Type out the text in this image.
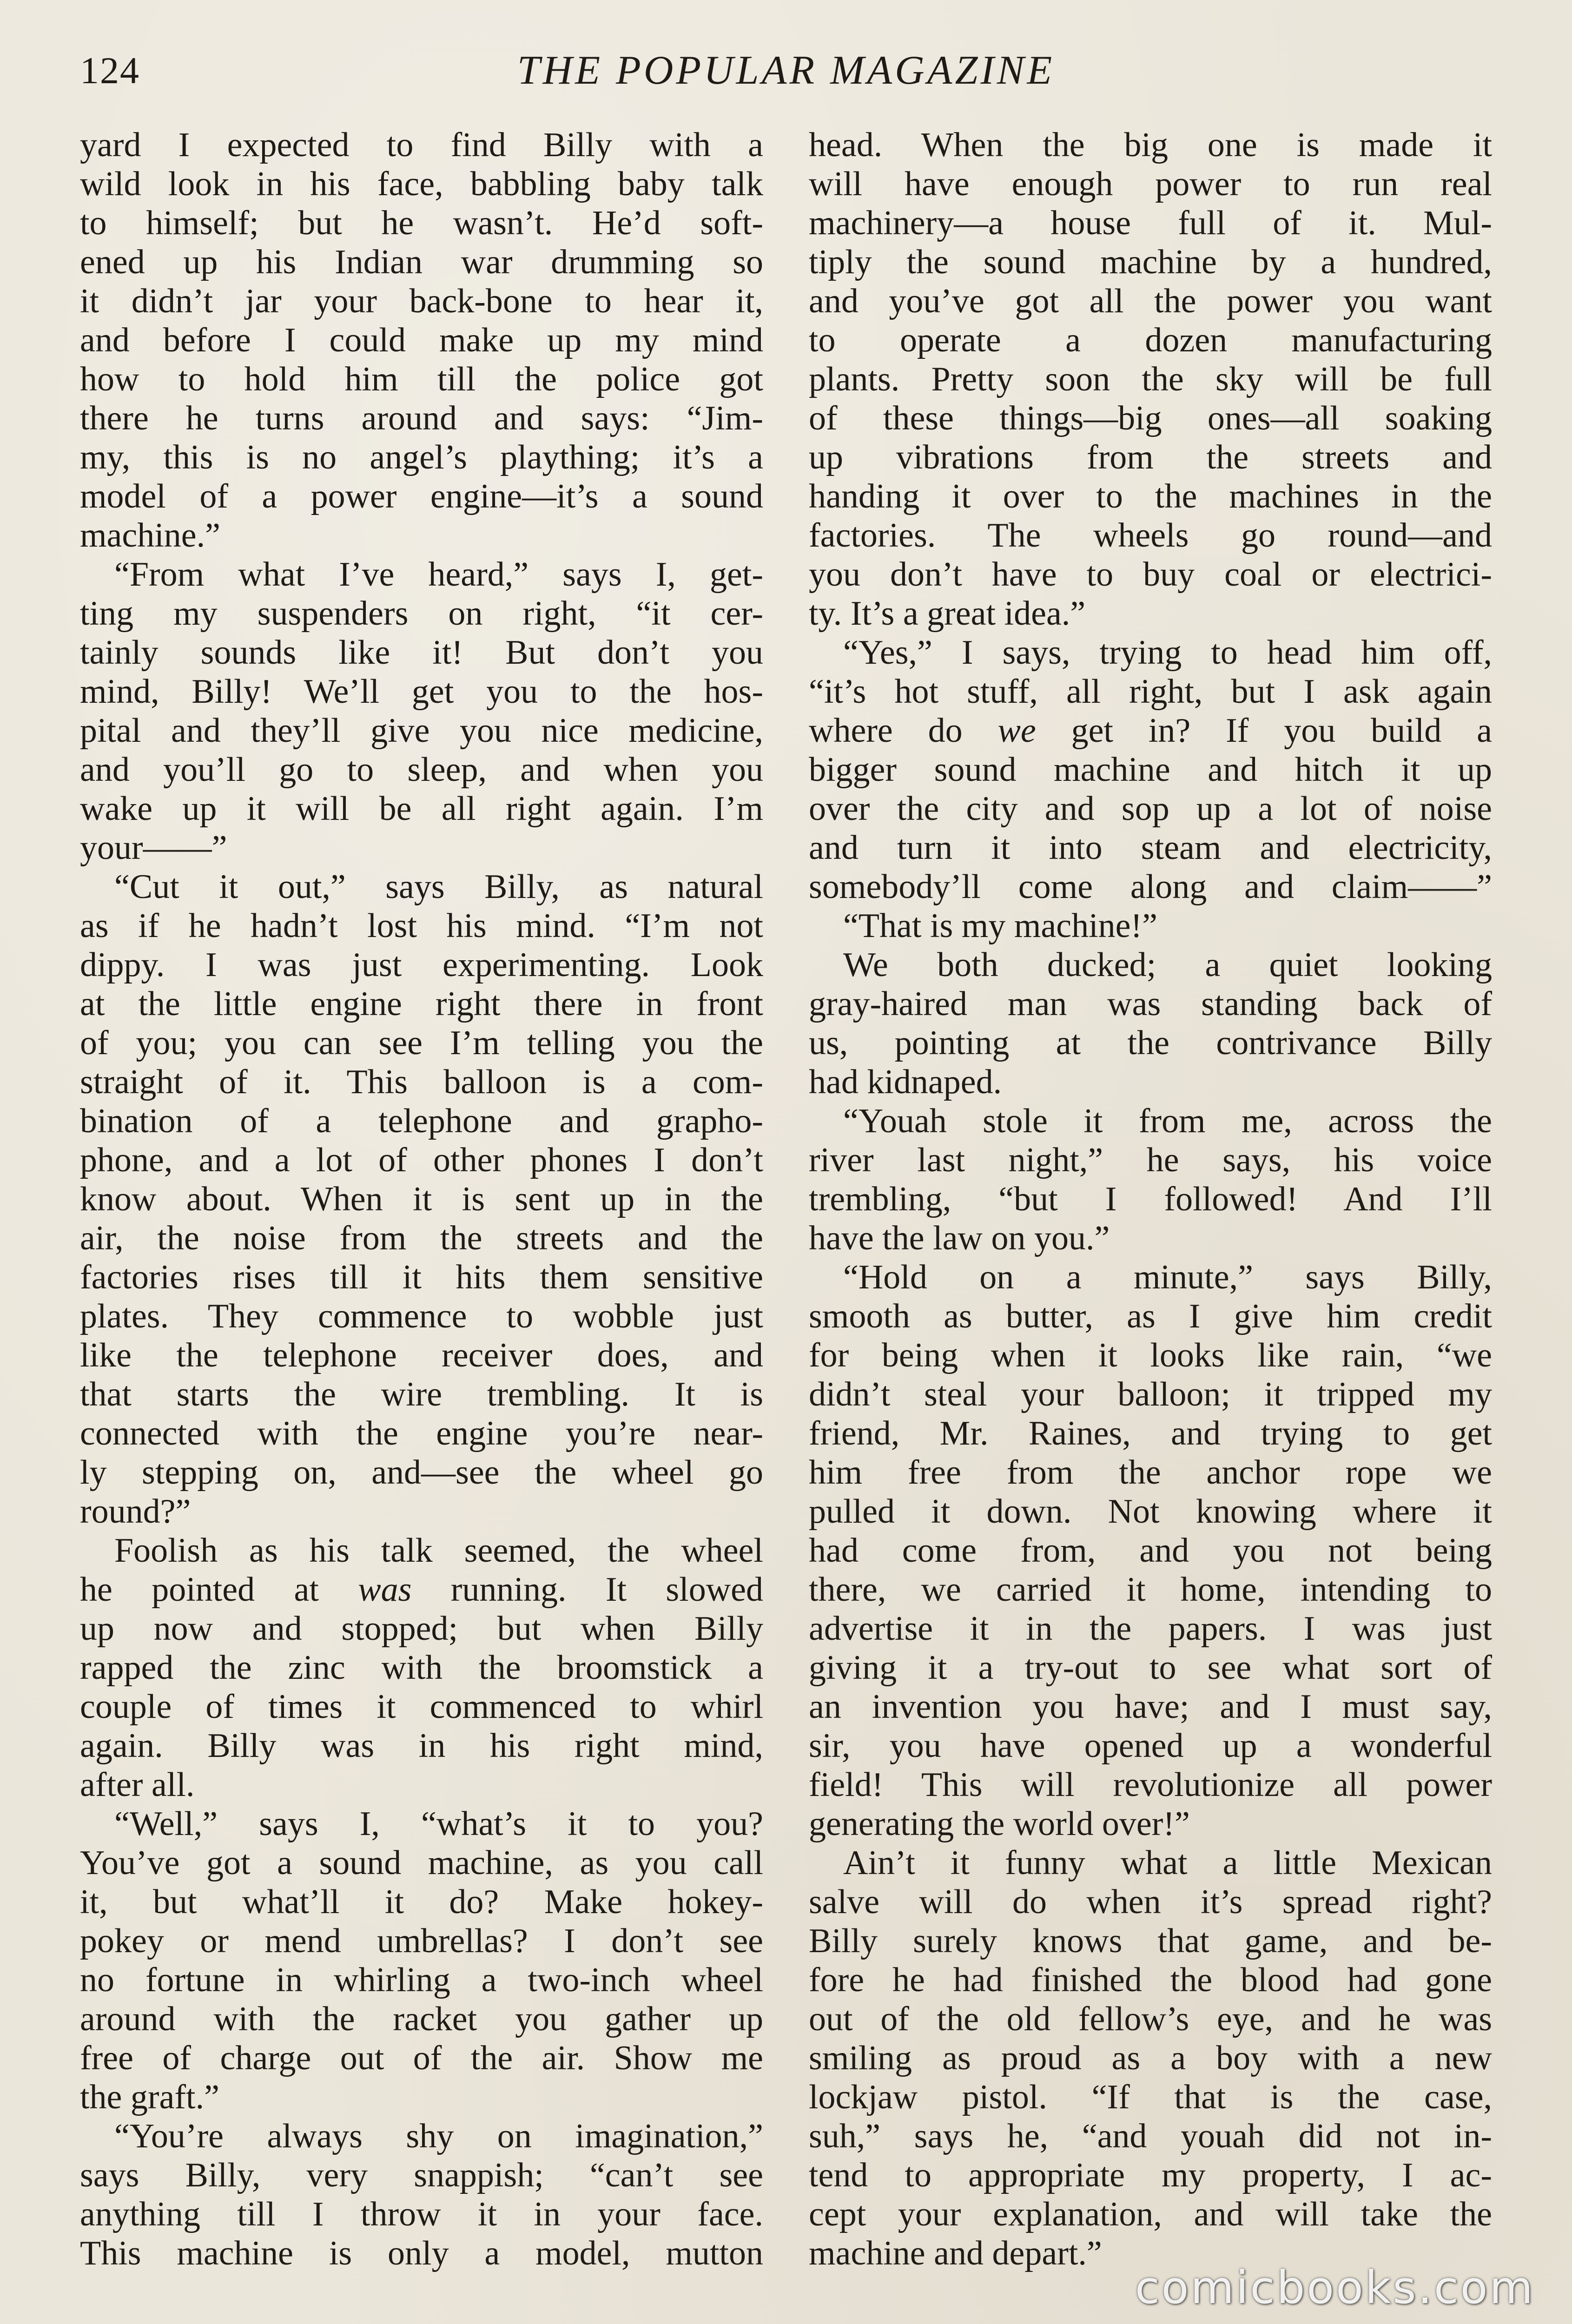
124	THE POPULAR MAGAZINE
yard I expected to find Billy with a
wild look in his face, babbling baby talk
to himself; but he wasn’t. He’d soft-
ened up his Indian war drumming so
it didn’t jar your back-bone to hear it,
and before I could make up my mind
how to hold him till the police got
there he turns around and says: “Jim-
my, this is no angel’s plaything; it’s a
model of a power engine—it’s a sound
machine.”
“From what I’ve heard,” says I, get-
ting my suspenders on right, “it cer-
tainly sounds like it! But don’t you
mind, Billy! We’ll get you to the hos-
pital and they’ll give you nice medicine,
and you’ll go to sleep, and when you
wake up it will be all right again. I’m
your——”
“Cut it out,” says Billy, as natural
as if he hadn’t lost his mind. “I’m not
dippy. I was just experimenting. Look
at the little engine right there in front
of you; you can see I’m telling you the
straight of it. This balloon is a com-
bination of a telephone and grapho-
phone, and a lot of other phones I don’t
know about. When it is sent up in the
air, the noise from the streets and the
factories rises till it hits them sensitive
plates. They commence to wobble just
like the telephone receiver does, and
that starts the wire trembling. It is
connected with the engine you’re near-
ly stepping on, and—see the wheel go
round?”
Foolish as his talk seemed, the wheel
he pointed at was running. It slowed
up now and stopped; but when Billy
rapped the zinc with the broomstick a
couple of times it commenced to whirl
again. Billy was in his right mind,
after all.
“Well,” says I, “what’s it to you?
You’ve got a sound machine, as you call
it, but what’ll it do? Make hokey-
pokey or mend umbrellas? I don’t see
no fortune in whirling a two-inch wheel
around with the racket you gather up
free of charge out of the air. Show me
the graft.”
“You’re always shy on imagination,”
says Billy, very snappish; “can’t see
anything till I throw it in your face.
This machine is only a model, mutton
head. When the big one is made it
will have enough power to run real
machinery—a house full of it. Mul-
tiply the sound machine by a hundred,
and you’ve got all the power you want
to operate a dozen manufacturing
plants. Pretty soon the sky will be full
of these things—big ones—all soaking
up vibrations from the streets and
handing it over to the machines in the
factories. The wheels go round—and
you don’t have to buy coal or electrici-
ty. It’s a great idea.”
“Yes,” I says, trying to head him off,
“it’s hot stuff, all right, but I ask again
where do we get in? If you build a
bigger sound machine and hitch it up
over the city and sop up a lot of noise
and turn it into steam and electricity,
somebody’ll come along and claim——”
“That is my machine!”
We both ducked; a quiet looking
gray-haired man was standing back of
us, pointing at the contrivance Billy
had kidnaped.
“Youah stole it from me, across the
river last night,” he says, his voice
trembling, “but I followed! And I’ll
have the law on you.”
“Hold on a minute,” says Billy,
smooth as butter, as I give him credit
for being when it looks like rain, “we
didn’t steal your balloon; it tripped my
friend, Mr. Raines, and trying to get
him free from the anchor rope we
pulled it down. Not knowing where it
had come from, and you not being
there, we carried it home, intending to
advertise it in the papers. I was just
giving it a try-out to see what sort of
an invention you have; and I must say,
sir, you have opened up a wonderful
field! This will revolutionize all power
generating the world over!”
Ain’t it funny what a little Mexican
salve will do when it’s spread right?
Billy surely knows that game, and be-
fore he had finished the blood had gone
out of the old fellow’s eye, and he was
smiling as proud as a boy with a new
lockjaw pistol. “If that is the case,
suh,” says he, “and youah did not in-
tend to appropriate my property, I ac-
cept your explanation, and will take the
machine and depart.”
comicbooks.com
